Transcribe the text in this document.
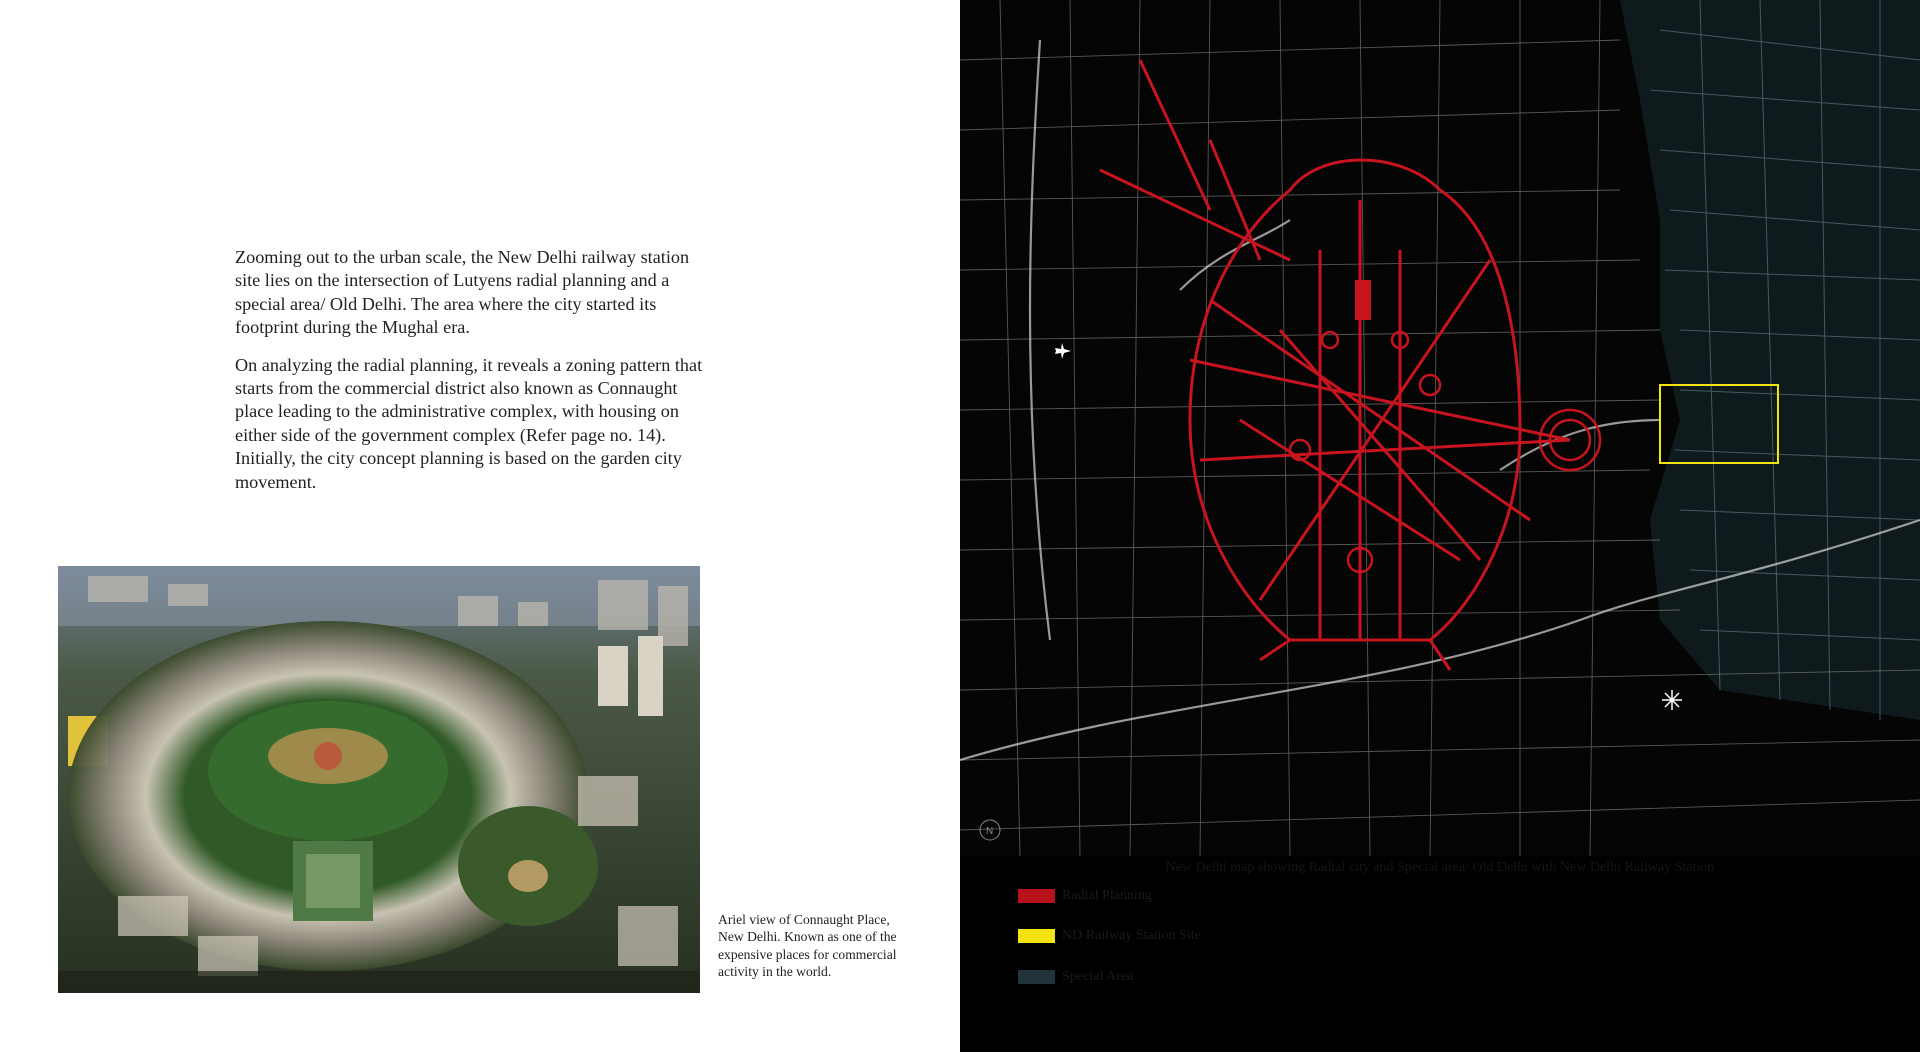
Zooming out to the urban scale, the New Delhi railway station site lies on the intersection of Lutyens radial planning and a special area/ Old Delhi. The area where the city started its footprint during the Mughal era.

On analyzing the radial planning, it reveals a zoning pattern that starts from the commercial district also known as Connaught place leading to the administrative complex, with housing on either side of the government complex (Refer page no. 14). Initially, the city concept planning is based on the garden city movement.

Ariel view of Connaught Place, New Delhi. Known as one of the expensive places for commercial activity in the world.
N
New Delhi map showing Radial city and Special area/ Old Delhi with New Delhi Railway Station
Radial Planning
ND Railway Station Site
Special Area
